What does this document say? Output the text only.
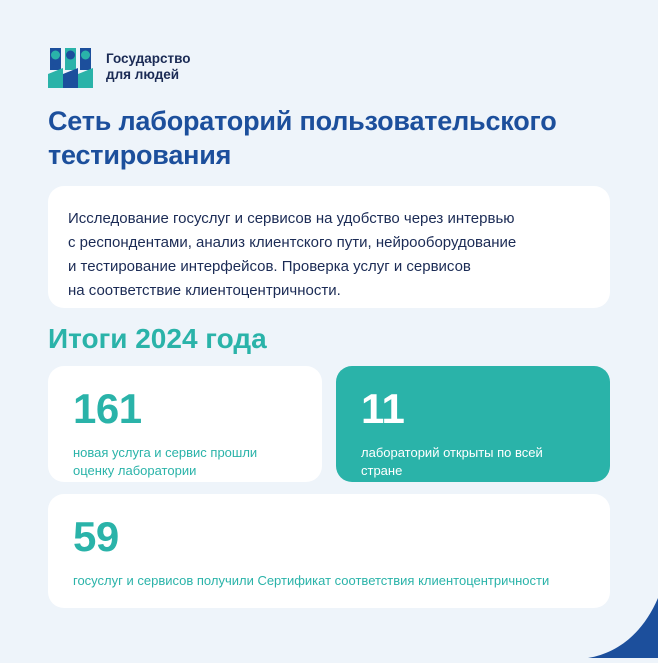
Государство
для людей
Сеть лабораторий пользовательского
тестирования
Исследование госуслуг и сервисов на удобство через интервью
с респондентами, анализ клиентского пути, нейрооборудование
и тестирование интерфейсов. Проверка услуг и сервисов
на соответствие клиентоцентричности.
Итоги 2024 года
161
новая услуга и сервис прошли
оценку лаборатории
11
лабораторий открыты по всей
стране
59
госуслуг и сервисов получили Сертификат соответствия клиентоцентричности
